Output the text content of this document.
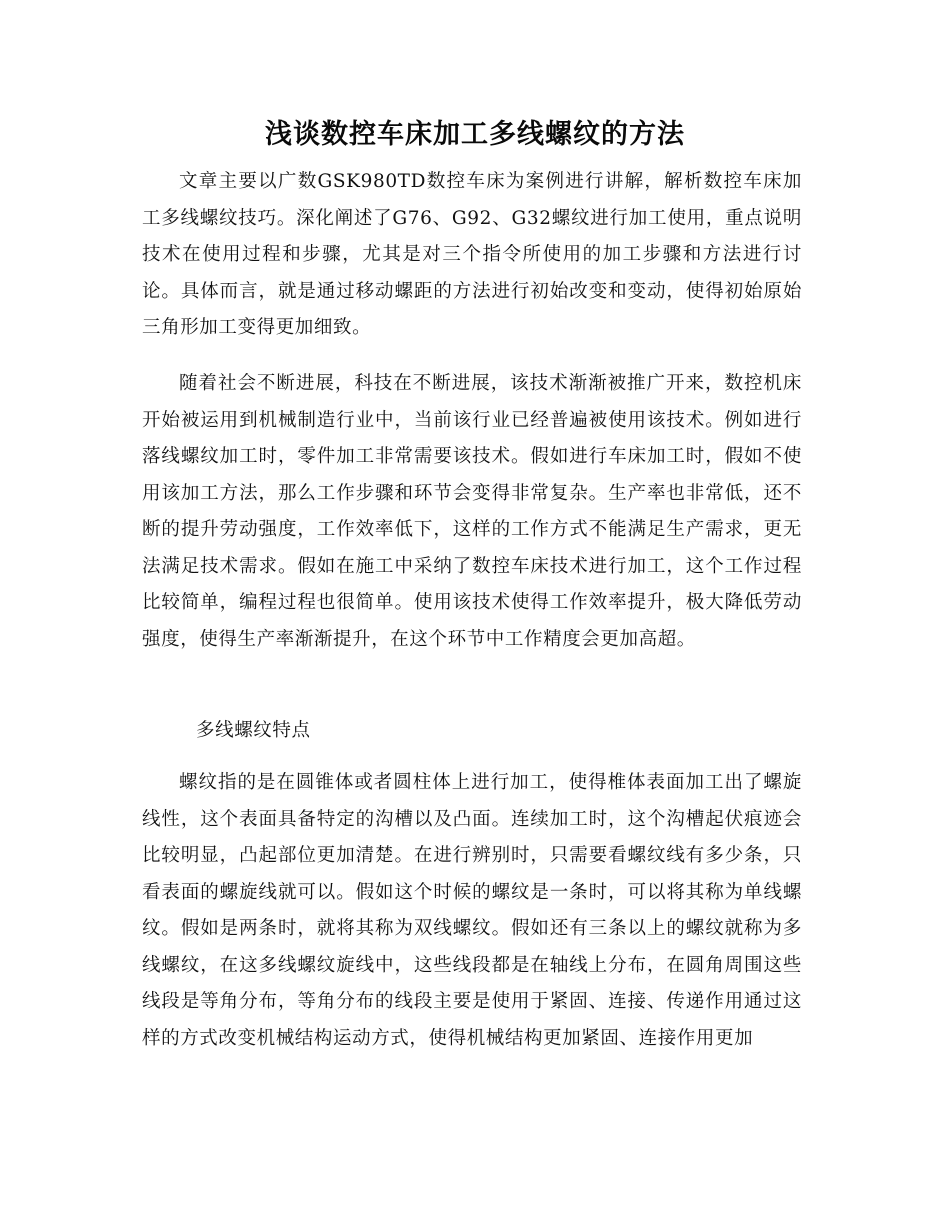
浅谈数控车床加工多线螺纹的方法

文章主要以广数GSK980TD数控车床为案例进行讲解，解析数控车床加工多线螺纹技巧。深化阐述了G76、G92、G32螺纹进行加工使用，重点说明技术在使用过程和步骤，尤其是对三个指令所使用的加工步骤和方法进行讨论。具体而言，就是通过移动螺距的方法进行初始改变和变动，使得初始原始三角形加工变得更加细致。

随着社会不断进展，科技在不断进展，该技术渐渐被推广开来，数控机床开始被运用到机械制造行业中，当前该行业已经普遍被使用该技术。例如进行落线螺纹加工时，零件加工非常需要该技术。假如进行车床加工时，假如不使用该加工方法，那么工作步骤和环节会变得非常复杂。生产率也非常低，还不断的提升劳动强度，工作效率低下，这样的工作方式不能满足生产需求，更无法满足技术需求。假如在施工中采纳了数控车床技术进行加工，这个工作过程比较简单，编程过程也很简单。使用该技术使得工作效率提升，极大降低劳动强度，使得生产率渐渐提升，在这个环节中工作精度会更加高超。

多线螺纹特点

螺纹指的是在圆锥体或者圆柱体上进行加工，使得椎体表面加工出了螺旋线性，这个表面具备特定的沟槽以及凸面。连续加工时，这个沟槽起伏痕迹会比较明显，凸起部位更加清楚。在进行辨别时，只需要看螺纹线有多少条，只看表面的螺旋线就可以。假如这个时候的螺纹是一条时，可以将其称为单线螺纹。假如是两条时，就将其称为双线螺纹。假如还有三条以上的螺纹就称为多线螺纹，在这多线螺纹旋线中，这些线段都是在轴线上分布，在圆角周围这些线段是等角分布，等角分布的线段主要是使用于紧固、连接、传递作用通过这样的方式改变机械结构运动方式，使得机械结构更加紧固、连接作用更加
